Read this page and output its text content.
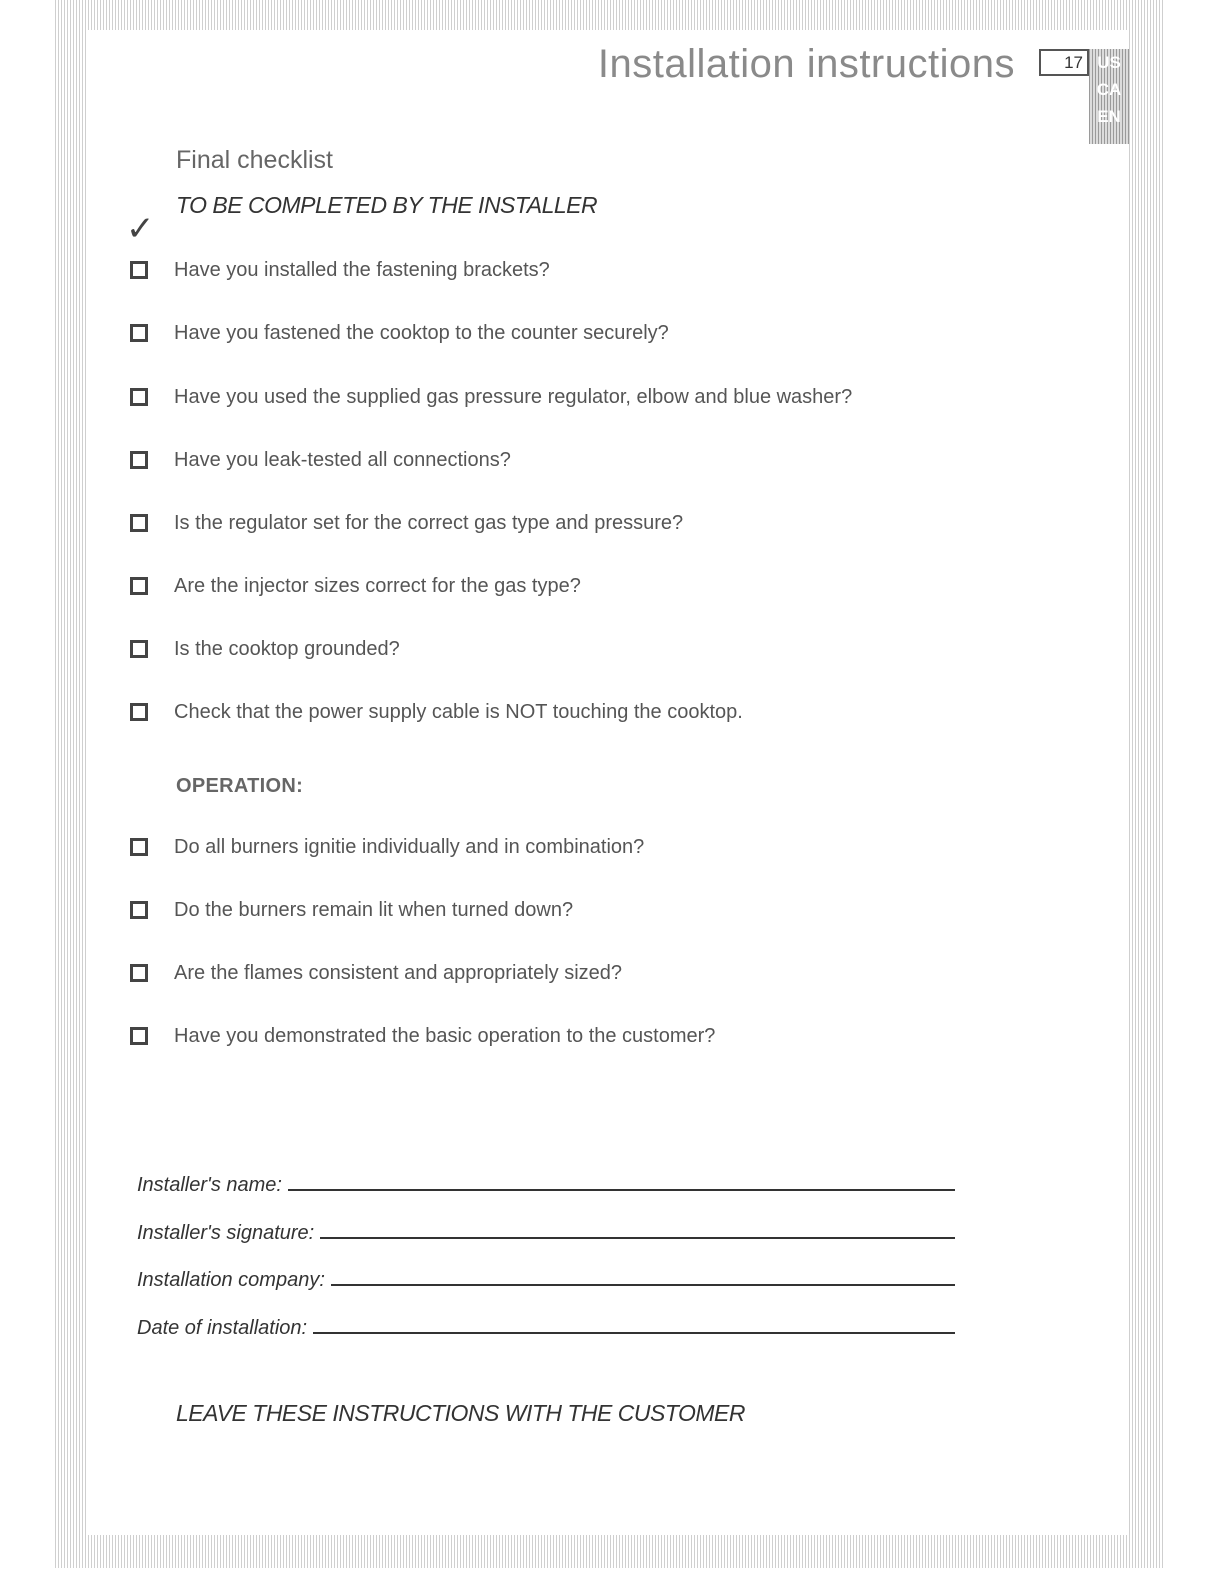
Installation instructions	17 US
CA
EN
Final checklist
TO BE COMPLETED BY THE INSTALLER
✓
Have you installed the fastening brackets?
Have you fastened the cooktop to the counter securely?
Have you used the supplied gas pressure regulator, elbow and blue washer?
Have you leak-tested all connections?
Is the regulator set for the correct gas type and pressure?
Are the injector sizes correct for the gas type?
Is the cooktop grounded?
Check that the power supply cable is NOT touching the cooktop.
OPERATION:
Do all burners ignitie individually and in combination?
Do the burners remain lit when turned down?
Are the flames consistent and appropriately sized?
Have you demonstrated the basic operation to the customer?
Installer's name:
Installer's signature:
Installation company:
Date of installation:
LEAVE THESE INSTRUCTIONS WITH THE CUSTOMER
